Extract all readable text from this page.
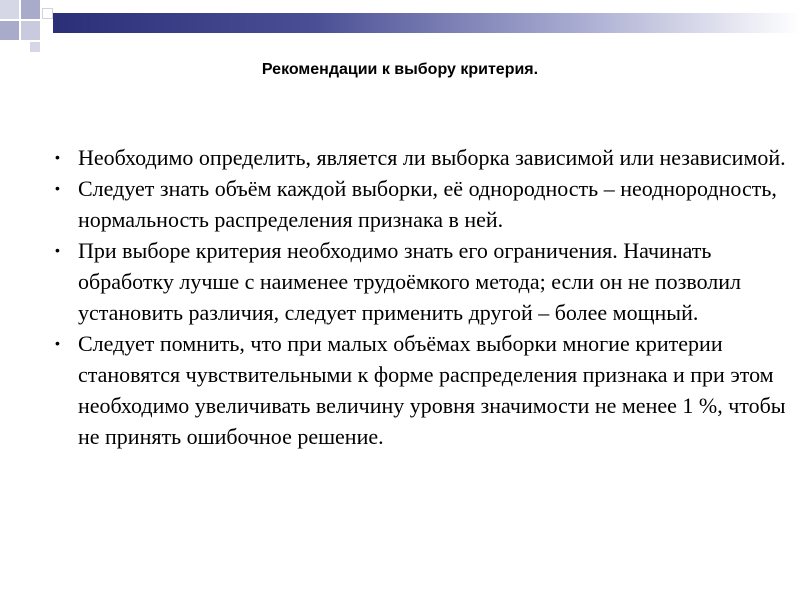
Рекомендации к выбору критерия.
• Необходимо определить, является ли выборка зависимой или независимой.
• Следует знать объём каждой выборки, её однородность – неоднородность, нормальность распределения признака в ней.
• При выборе критерия необходимо знать его ограничения. Начинать обработку лучше с наименее трудоёмкого метода; если он не позволил установить различия, следует применить другой – более мощный.
• Следует помнить, что при малых объёмах выборки многие критерии становятся чувствительными к форме распределения признака и при этом необходимо увеличивать величину уровня значимости не менее 1 %, чтобы не принять ошибочное решение.
